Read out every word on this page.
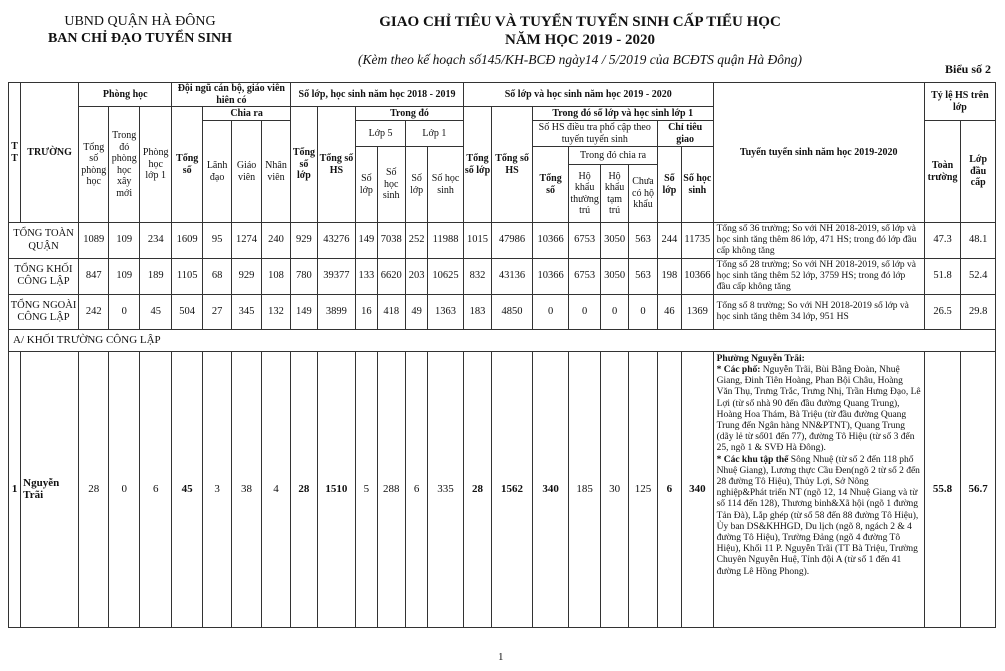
UBND QUẬN HÀ ĐÔNG
BAN CHỈ ĐẠO TUYỂN SINH
GIAO CHỈ TIÊU VÀ TUYỂN TUYỂN SINH CẤP TIỂU HỌC
NĂM HỌC 2019 - 2020
(Kèm theo kế hoạch số145/KH-BCĐ ngày14 / 5/2019 của BCĐTS quận Hà Đông)
Biểu số 2
T T	TRƯỜNG	Phòng học			Đội ngũ cán bộ, giáo viên hiên có				Số lớp, học sinh năm học 2018 - 2019						Số lớp và học sinh năm học 2019 - 2020								Tuyển tuyển sinh năm học 2019-2020	Tỷ lệ HS trên lớp	
		Tổng số phòng học	Trong đó phòng học xây mới	Phòng học lớp 1	Tổng số	Chia ra			Tổng số lớp	Tổng số HS	Trong đó				Tổng số lớp	Tổng số HS	Trong đó số lớp và học sinh lớp 1								
						Lãnh đạo	Giáo viên	Nhân viên			Lớp 5		Lớp 1				Số HS điều tra phổ cập theo tuyến tuyển sinh				Chỉ tiêu giao			Toàn trường	Lớp đầu cấp
											Số lớp	Số học sinh	Số lớp	Số học sinh			Tổng số	Trong đó chia ra			Số lớp	Số học sinh			
																		Hộ khẩu thường trú	Hộ khẩu tạm trú	Chưa có hộ khẩu					
TỔNG TOÀN QUẬN		1089	109	234	1609	95	1274	240	929	43276	149	7038	252	11988	1015	47986	10366	6753	3050	563	244	11735	Tổng số 36 trường; So với NH 2018-2019, số lớp và học sinh tăng thêm 86 lớp, 471 HS; trong đó lớp đầu cấp không tăng	47.3	48.1
TỔNG KHỐI CÔNG LẬP		847	109	189	1105	68	929	108	780	39377	133	6620	203	10625	832	43136	10366	6753	3050	563	198	10366	Tổng số 28 trường; So với NH 2018-2019, số lớp và học sinh tăng thêm 52 lớp, 3759 HS; trong đó lớp đầu cấp không tăng	51.8	52.4
TỔNG NGOÀI CÔNG LẬP		242	0	45	504	27	345	132	149	3899	16	418	49	1363	183	4850	0	0	0	0	46	1369	Tổng số 8 trường; So với NH 2018-2019 số lớp và học sinh tăng thêm 34 lớp, 951 HS	26.5	29.8
A/ KHỐI TRƯỜNG CÔNG LẬP																									
1	Nguyễn Trãi	28	0	6	45	3	38	4	28	1510	5	288	6	335	28	1562	340	185	30	125	6	340	Phường Nguyễn Trãi:
* Các phố: Nguyễn Trãi, Bùi Bằng Đoàn, Nhuệ Giang, Đinh Tiên Hoàng, Phan Bội Châu, Hoàng Văn Thụ, Trưng Trắc, Trưng Nhị, Trần Hưng Đạo, Lê Lợi (từ số nhà 90 đến đầu đường Quang Trung), Hoàng Hoa Thám, Bà Triệu (từ đầu đường Quang Trung đến Ngân hàng NN&PTNT), Quang Trung (dãy lẻ từ số01 đến 77), đường Tô Hiệu (từ số 3 đến 25, ngõ 1 & SVĐ Hà Đông).
* Các khu tập thể Sông Nhuệ (từ số 2 đến 118 phố Nhuệ Giang), Lương thực Cầu Đen(ngõ 2 từ số 2 đến 28 đường Tô Hiệu), Thủy Lợi, Sở Nông nghiệp&Phát triển NT (ngõ 12, 14 Nhuệ Giang và từ số 114 đến 128), Thương binh&Xã hội (ngõ 1 đường Tản Đà), Lắp ghép (từ số 58 đến 88 đường Tô Hiệu), Ủy ban DS&KHHGD, Du lịch (ngõ 8, ngách 2 & 4 đường Tô Hiệu), Trường Đảng (ngõ 4 đường Tô Hiệu), Khối 11 P. Nguyễn Trãi (TT Bà Triệu, Trường Chuyên Nguyễn Huệ, Tỉnh đội A (từ số 1 đến 41 đường Lê Hồng Phong).	55.8	56.7
1
